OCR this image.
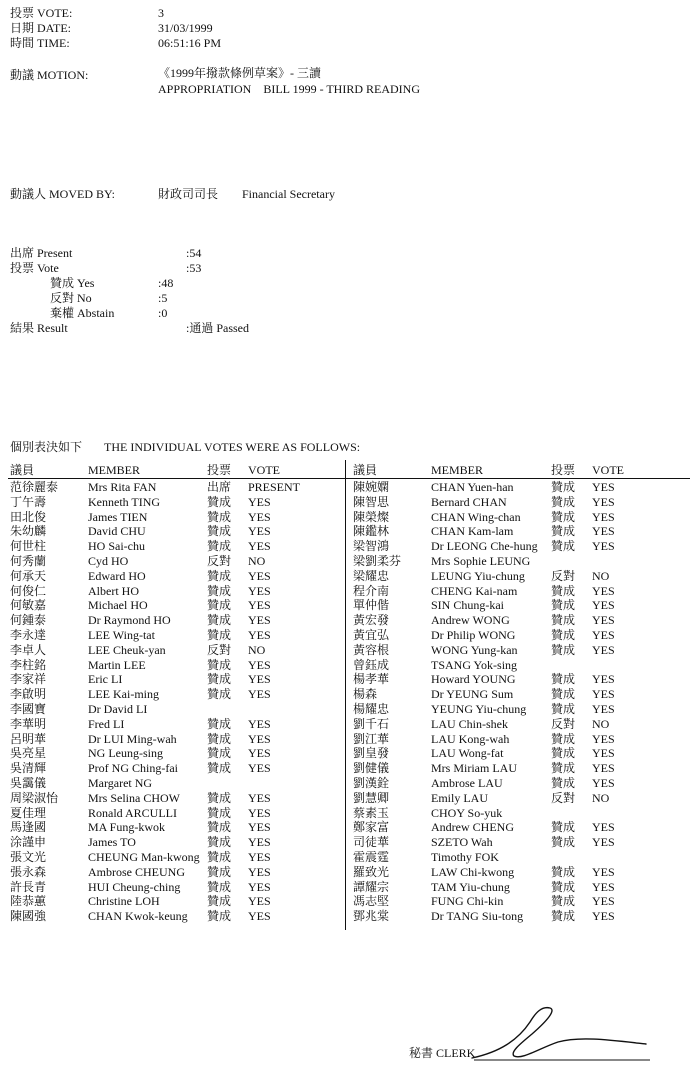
投票 VOTE:	3
日期 DATE:	31/03/1999
時間 TIME:	06:51:16 PM
動議 MOTION:	《1999年撥款條例草案》- 三讀
APPROPRIATION    BILL 1999 - THIRD READING
動議人 MOVED BY:	財政司司長 Financial Secretary
出席 Present	:54
投票 Vote	:53
贊成 Yes	:48
反對 No	:5
棄權 Abstain	:0
結果 Result	:通過 Passed
個別表決如下 THE INDIVIDUAL VOTES WERE AS FOLLOWS:
議員	MEMBER	投票 VOTE	議員	MEMBER	投票 VOTE
范徐麗泰 Mrs Rita FAN	出席 PRESENT
丁午壽	Kenneth TING	贊成 YES
田北俊	James TIEN	贊成 YES
朱幼麟	David CHU	贊成 YES
何世柱	HO Sai-chu	贊成 YES
何秀蘭	Cyd HO	反對 NO
何承天	Edward HO	贊成 YES
何俊仁	Albert HO	贊成 YES
何敏嘉	Michael HO	贊成 YES
何鍾泰	Dr Raymond HO	贊成 YES
李永達	LEE Wing-tat	贊成 YES
李卓人	LEE Cheuk-yan	反對 NO
李柱銘	Martin LEE	贊成 YES
李家祥	Eric LI	贊成 YES
李啟明	LEE Kai-ming	贊成 YES
李國寶	Dr David LI
李華明	Fred LI	贊成 YES
呂明華	Dr LUI Ming-wah	贊成 YES
吳亮星	NG Leung-sing	贊成 YES
吳清輝	Prof NG Ching-fai 贊成 YES
吳靄儀	Margaret NG
周梁淑怡 Mrs Selina CHOW 贊成 YES
夏佳理	Ronald ARCULLI	贊成 YES
馬逢國	MA Fung-kwok	贊成 YES
涂謹申	James TO	贊成 YES
張文光	CHEUNG Man-kwong 贊成 YES
張永森	Ambrose CHEUNG 贊成 YES
許長青	HUI Cheung-ching 贊成 YES
陸恭蕙	Christine LOH	贊成 YES
陳國強	CHAN Kwok-keung 贊成 YES
陳婉嫻	CHAN Yuen-han	贊成 YES
陳智思	Bernard CHAN	贊成 YES
陳榮燦	CHAN Wing-chan	贊成 YES
陳鑑林	CHAN Kam-lam	贊成 YES
梁智鴻	Dr LEONG Che-hung 贊成 YES
梁劉柔芬 Mrs Sophie LEUNG
梁耀忠	LEUNG Yiu-chung 反對 NO
程介南	CHENG Kai-nam	贊成 YES
單仲偕	SIN Chung-kai	贊成 YES
黃宏發	Andrew WONG	贊成 YES
黃宜弘	Dr Philip WONG	贊成 YES
黃容根	WONG Yung-kan	贊成 YES
曾鈺成	TSANG Yok-sing
楊孝華	Howard YOUNG	贊成 YES
楊森	Dr YEUNG Sum	贊成 YES
楊耀忠	YEUNG Yiu-chung 贊成 YES
劉千石	LAU Chin-shek	反對 NO
劉江華	LAU Kong-wah	贊成 YES
劉皇發	LAU Wong-fat	贊成 YES
劉健儀	Mrs Miriam LAU	贊成 YES
劉漢銓	Ambrose LAU	贊成 YES
劉慧卿	Emily LAU	反對 NO
蔡素玉	CHOY So-yuk
鄭家富	Andrew CHENG	贊成 YES
司徒華	SZETO Wah	贊成 YES
霍震霆	Timothy FOK
羅致光	LAW Chi-kwong	贊成 YES
譚耀宗	TAM Yiu-chung	贊成 YES
馮志堅	FUNG Chi-kin	贊成 YES
鄧兆棠	Dr TANG Siu-tong 贊成 YES
秘書 CLERK
